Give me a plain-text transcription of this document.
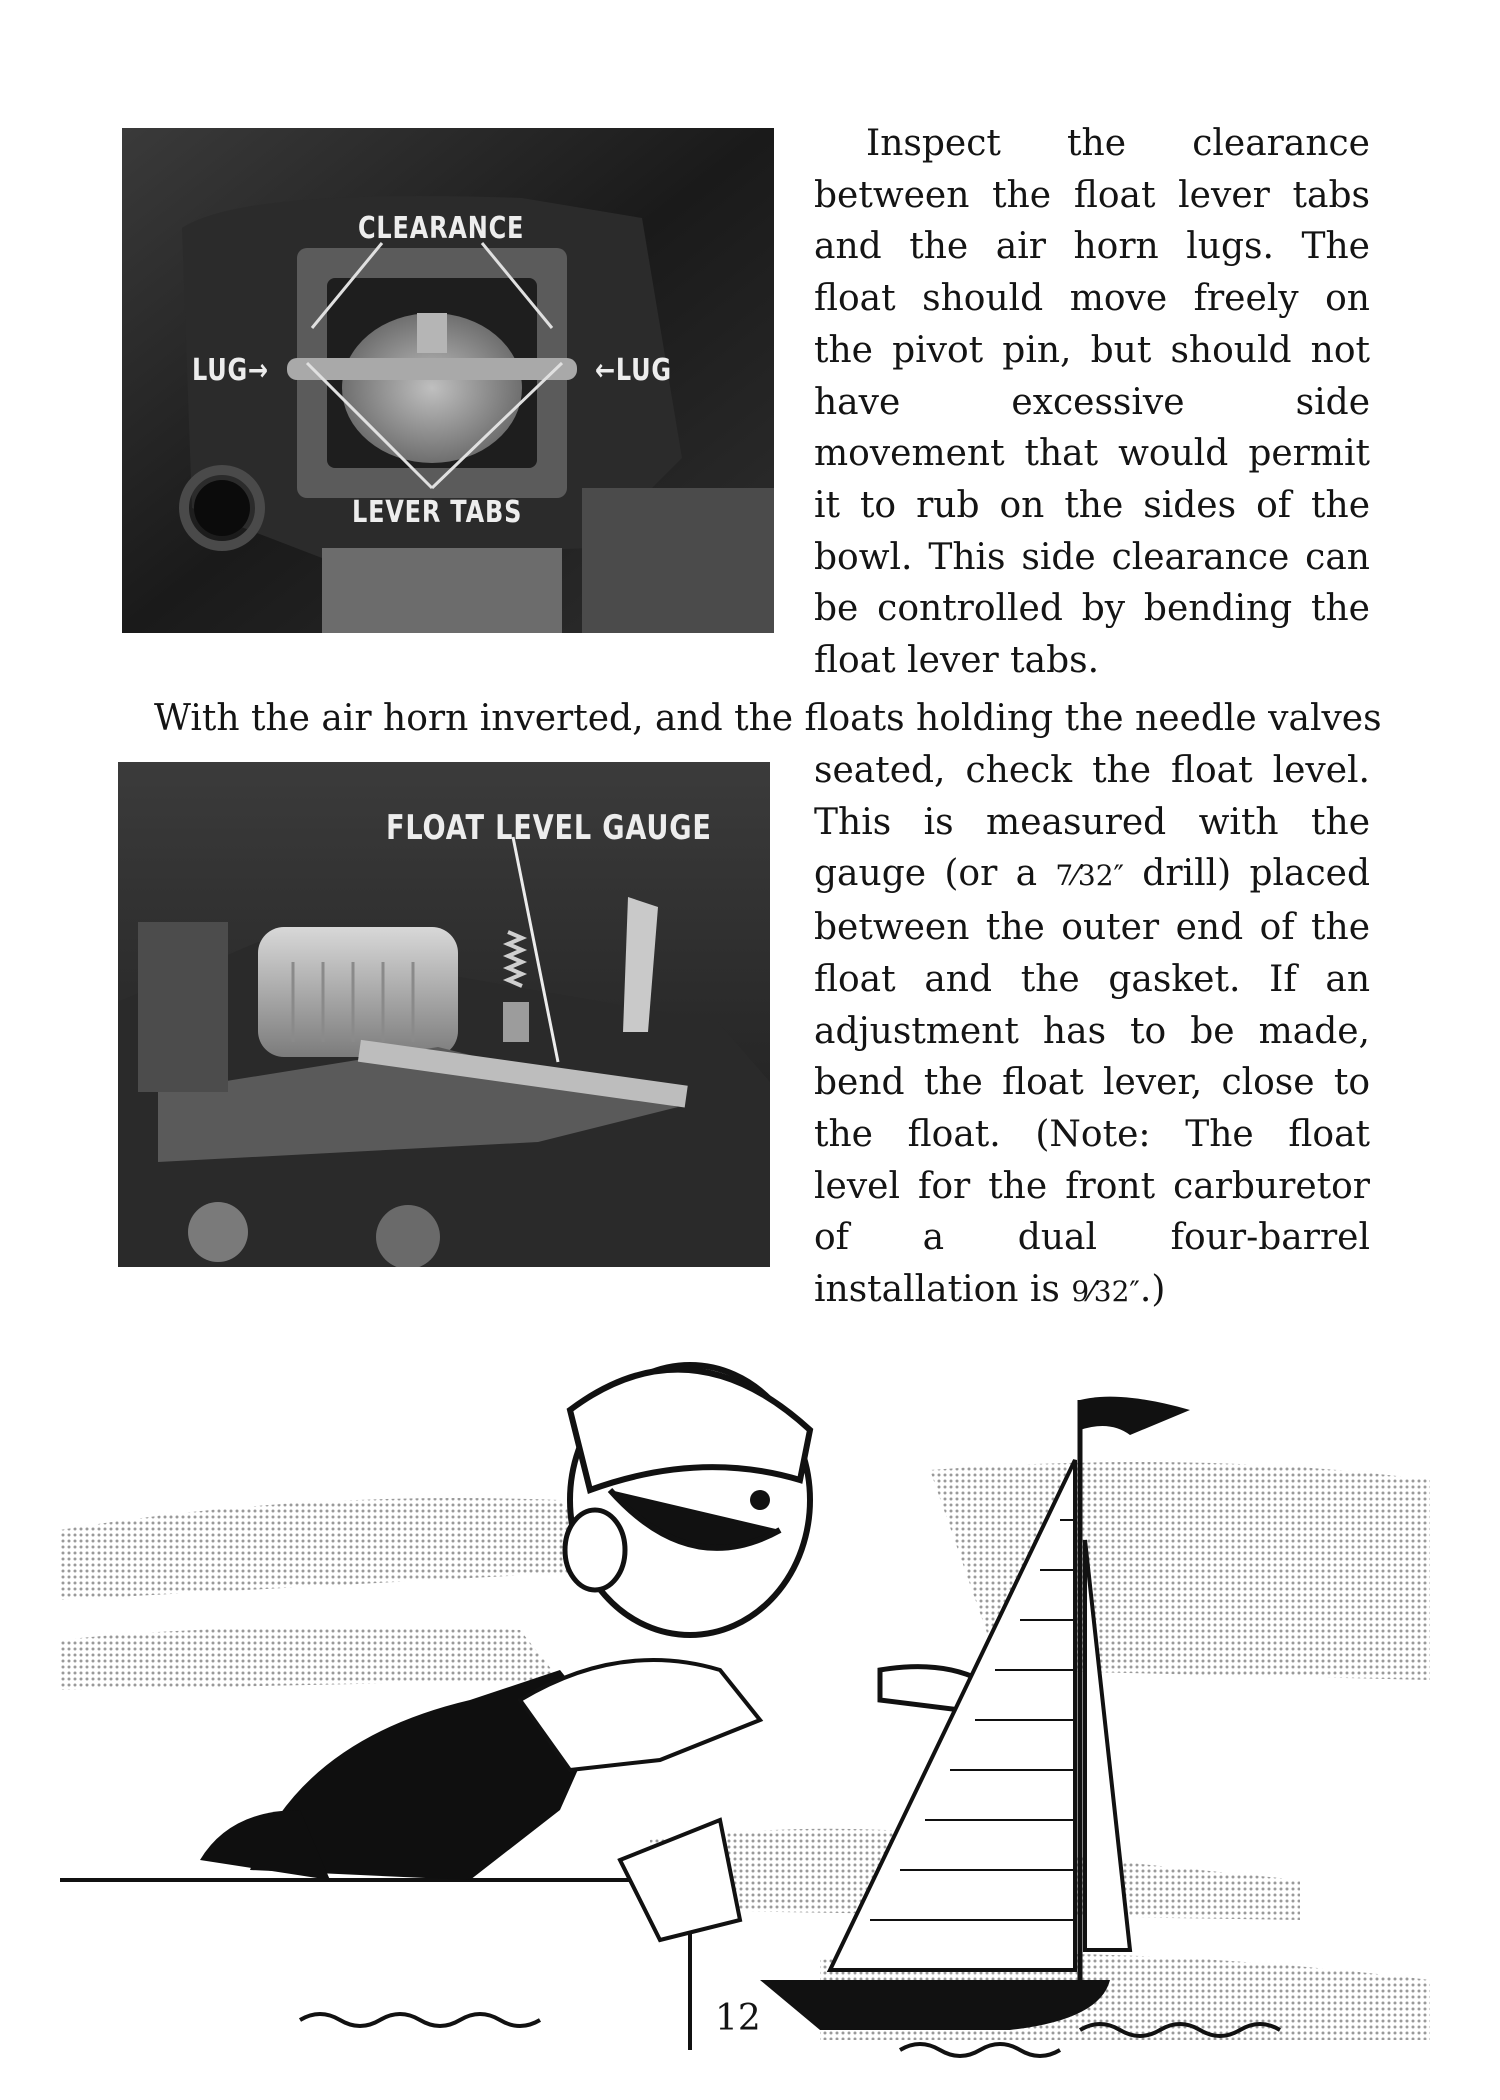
CLEARANCE
LUG→	←LUG
LEVER TABS

Inspect the clearance between the float lever tabs and the air horn lugs. The float should move freely on the pivot pin, but should not have excessive side movement that would permit it to rub on the sides of the bowl. This side clearance can be controlled by bending the float lever tabs.

With the air horn inverted, and the floats holding the needle valves

FLOAT LEVEL GAUGE

seated, check the float level. This is measured with the gauge (or a 7⁄32″ drill) placed between the outer end of the float and the gasket. If an adjustment has to be made, bend the float lever, close to the float. (Note: The float level for the front carburetor of a dual four-barrel installation is 9⁄32″.)

12
